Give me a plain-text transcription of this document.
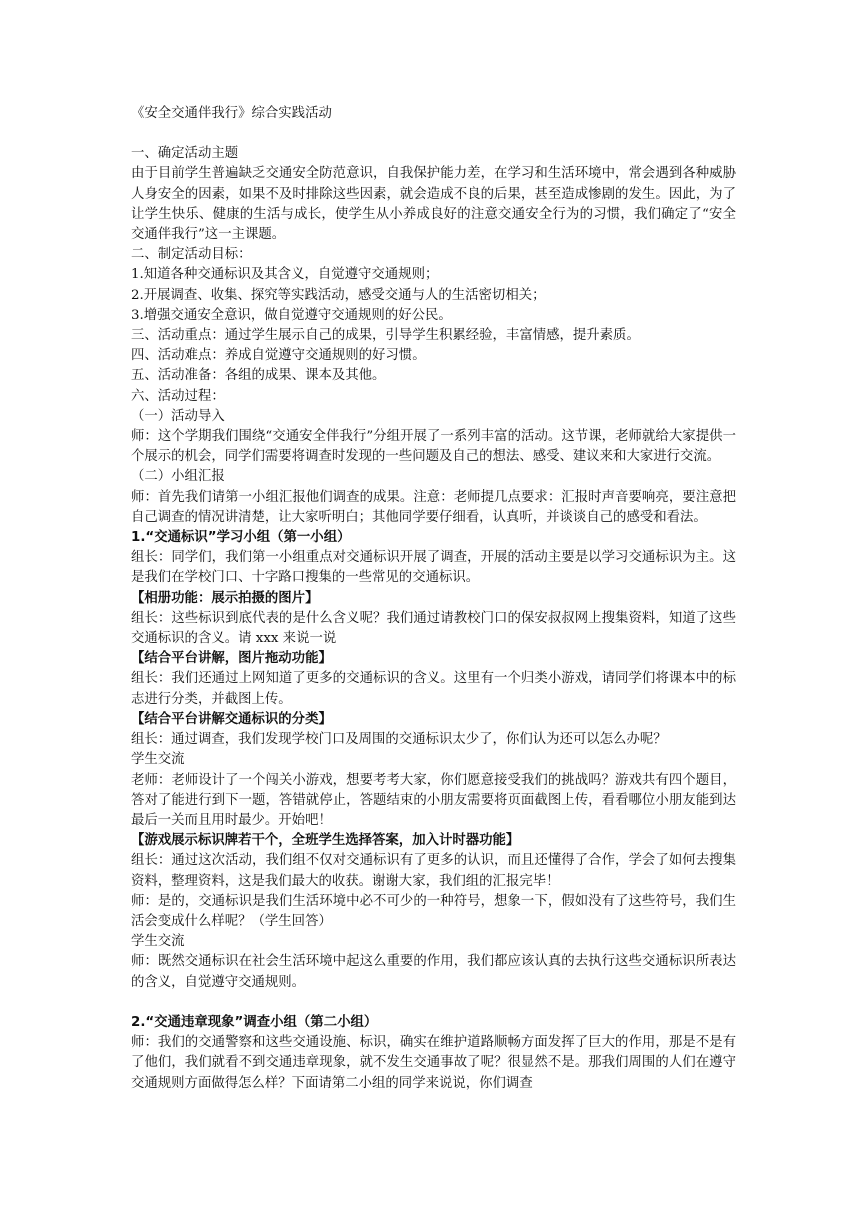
《安全交通伴我行》综合实践活动

一、确定活动主题

由于目前学生普遍缺乏交通安全防范意识，自我保护能力差，在学习和生活环境中，常会遇到各种威胁人身安全的因素，如果不及时排除这些因素，就会造成不良的后果，甚至造成惨剧的发生。因此，为了让学生快乐、健康的生活与成长，使学生从小养成良好的注意交通安全行为的习惯，我们确定了“安全交通伴我行”这一主课题。

二、制定活动目标：

1.知道各种交通标识及其含义，自觉遵守交通规则；

2.开展调查、收集、探究等实践活动，感受交通与人的生活密切相关；

3.增强交通安全意识，做自觉遵守交通规则的好公民。

三、活动重点：通过学生展示自己的成果，引导学生积累经验，丰富情感，提升素质。

四、活动难点：养成自觉遵守交通规则的好习惯。

五、活动准备：各组的成果、课本及其他。

六、活动过程：

（一）活动导入

师：这个学期我们围绕“交通安全伴我行”分组开展了一系列丰富的活动。这节课，老师就给大家提供一个展示的机会，同学们需要将调查时发现的一些问题及自己的想法、感受、建议来和大家进行交流。

（二）小组汇报

师：首先我们请第一小组汇报他们调查的成果。注意：老师提几点要求：汇报时声音要响亮，要注意把自己调查的情况讲清楚，让大家听明白；其他同学要仔细看，认真听，并谈谈自己的感受和看法。

1.“交通标识”学习小组（第一小组）

组长：同学们，我们第一小组重点对交通标识开展了调查，开展的活动主要是以学习交通标识为主。这是我们在学校门口、十字路口搜集的一些常见的交通标识。

【相册功能：展示拍摄的图片】

组长：这些标识到底代表的是什么含义呢？我们通过请教校门口的保安叔叔网上搜集资料，知道了这些交通标识的含义。请 xxx 来说一说

【结合平台讲解，图片拖动功能】

组长：我们还通过上网知道了更多的交通标识的含义。这里有一个归类小游戏，请同学们将课本中的标志进行分类，并截图上传。

【结合平台讲解交通标识的分类】

组长：通过调查，我们发现学校门口及周围的交通标识太少了，你们认为还可以怎么办呢？

学生交流

老师：老师设计了一个闯关小游戏，想要考考大家，你们愿意接受我们的挑战吗？游戏共有四个题目，答对了能进行到下一题，答错就停止，答题结束的小朋友需要将页面截图上传，看看哪位小朋友能到达最后一关而且用时最少。开始吧！

【游戏展示标识牌若干个，全班学生选择答案，加入计时器功能】

组长：通过这次活动，我们组不仅对交通标识有了更多的认识，而且还懂得了合作，学会了如何去搜集资料，整理资料，这是我们最大的收获。谢谢大家，我们组的汇报完毕！

师：是的，交通标识是我们生活环境中必不可少的一种符号，想象一下，假如没有了这些符号，我们生活会变成什么样呢？（学生回答）

学生交流

师：既然交通标识在社会生活环境中起这么重要的作用，我们都应该认真的去执行这些交通标识所表达的含义，自觉遵守交通规则。

2.“交通违章现象”调查小组（第二小组）

师：我们的交通警察和这些交通设施、标识，确实在维护道路顺畅方面发挥了巨大的作用，那是不是有了他们，我们就看不到交通违章现象，就不发生交通事故了呢？很显然不是。那我们周围的人们在遵守交通规则方面做得怎么样？下面请第二小组的同学来说说，你们调查
